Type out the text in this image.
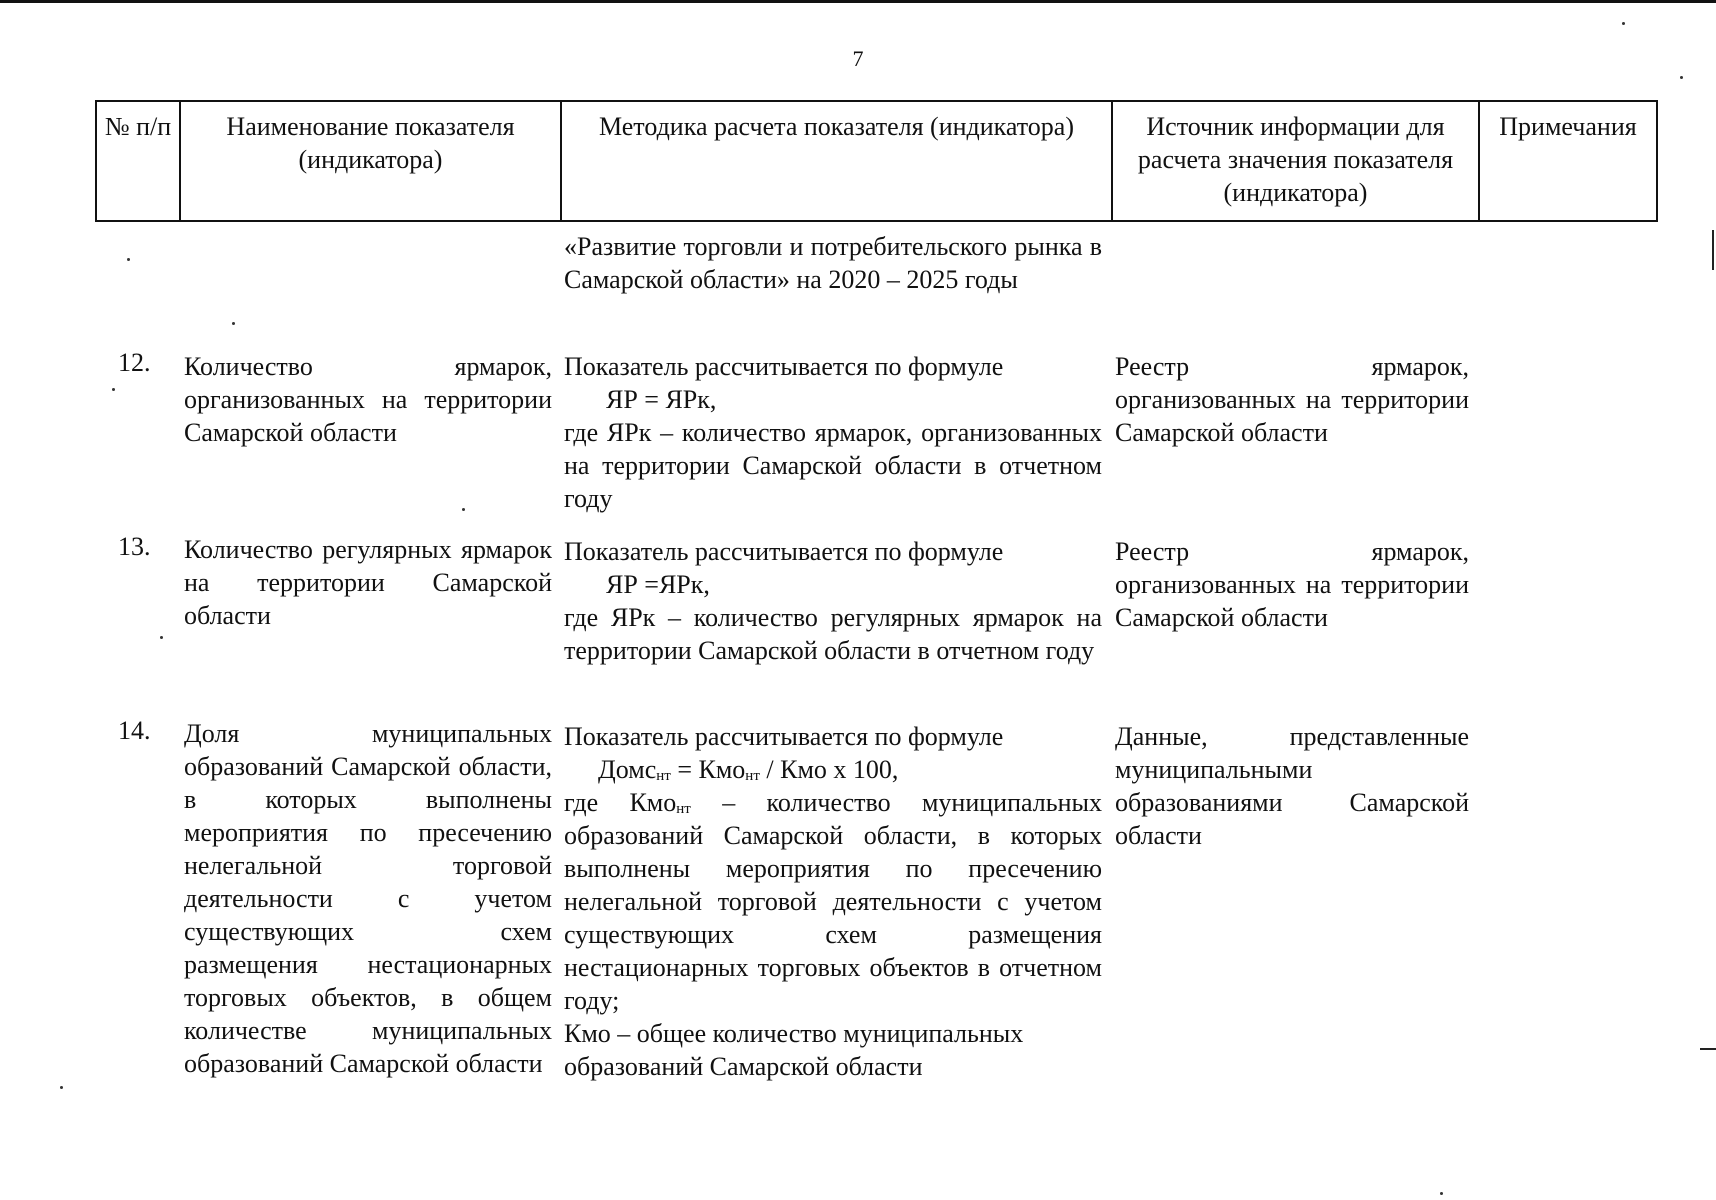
7
№ п/п	Наименование показателя (индикатора)
Методика расчета показателя (индикатора)	Источник информации для расчета значения показателя (индикатора)
Примечания
«Развитие торговли и потребительского рынка в Самарской области» на 2020 – 2025 годы
12. Количество ярмарок, организованных на территории Самарской области
Показатель рассчитывается по формуле
ЯР = ЯРк,
где ЯРк – количество ярмарок, организованных на территории Самарской области в отчетном году
Реестр ярмарок, организованных на территории Самарской области
13. Количество регулярных ярмарок на территории Самарской области
Показатель рассчитывается по формуле
ЯР =ЯРк,
где ЯРк – количество регулярных ярмарок на территории Самарской области в отчетном году
Реестр ярмарок, организованных на территории Самарской области
14. Доля муниципальных образований Самарской области, в которых выполнены мероприятия по пресечению нелегальной торговой деятельности с учетом существующих схем размещения нестационарных торговых объектов, в общем количестве муниципальных образований Самарской области
Показатель рассчитывается по формуле
Домс$_{нт}$ = Кмо$_{нт}$ / Кмо х 100,
где Кмо$_{нт}$ – количество муниципальных образований Самарской области, в которых выполнены мероприятия по пресечению нелегальной торговой деятельности с учетом существующих схем размещения нестационарных торговых объектов в отчетном году;
Кмо – общее количество муниципальных образований Самарской области
Данные, представленные муниципальными образованиями Самарской области
